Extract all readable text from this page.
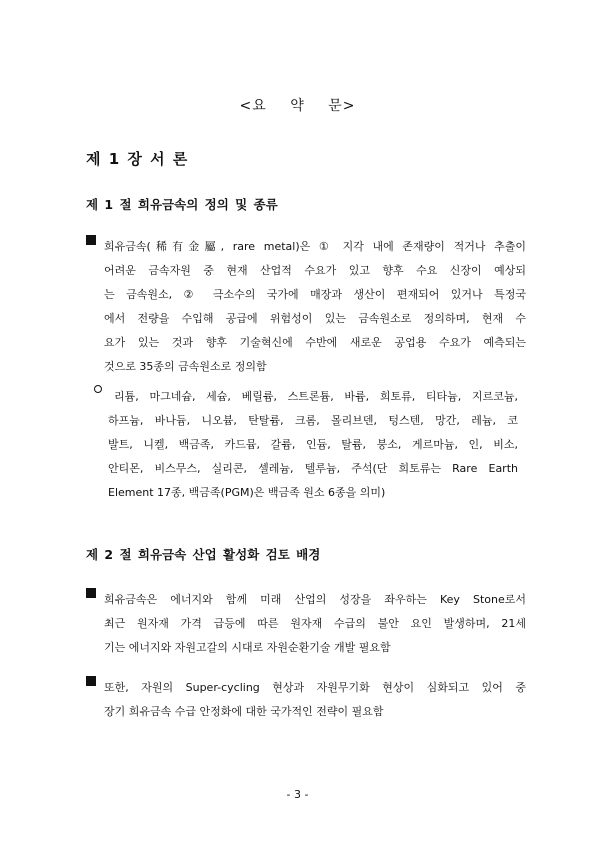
<요 약 문>
제 1 장 서 론
제 1 절 희유금속의 정의 및 종류
희유금속(稀有金屬, rare metal)은 ① 지각 내에 존재량이 적거나 추출이
어려운 금속자원 중 현재 산업적 수요가 있고 향후 수요 신장이 예상되
는 금속원소, ② 극소수의 국가에 매장과 생산이 편재되어 있거나 특정국
에서 전량을 수입해 공급에 위험성이 있는 금속원소로 정의하며, 현재 수
요가 있는 것과 향후 기술혁신에 수반에 새로운 공업용 수요가 예측되는
것으로 35종의 금속원소로 정의함
리튬, 마그네슘, 세슘, 베릴륨, 스트론튬, 바륨, 희토류, 티타늄, 지르코늄,
하프늄, 바나듐, 니오븀, 탄탈륨, 크롬, 몰리브덴, 텅스텐, 망간, 레늄, 코
발트, 니켈, 백금족, 카드뮴, 갈륨, 인듐, 탈륨, 붕소, 게르마늄, 인, 비소,
안티몬, 비스무스, 실리콘, 셀레늄, 텔루늄, 주석(단 희토류는 Rare Earth
Element 17종, 백금족(PGM)은 백금족 원소 6종을 의미)
제 2 절 희유금속 산업 활성화 검토 배경
희유금속은 에너지와 함께 미래 산업의 성장을 좌우하는 Key Stone로서
최근 원자재 가격 급등에 따른 원자재 수급의 불안 요인 발생하며, 21세
기는 에너지와 자원고갈의 시대로 자원순환기술 개발 필요함
또한, 자원의 Super-cycling 현상과 자원무기화 현상이 심화되고 있어 중
장기 희유금속 수급 안정화에 대한 국가적인 전략이 필요함
- 3 -
